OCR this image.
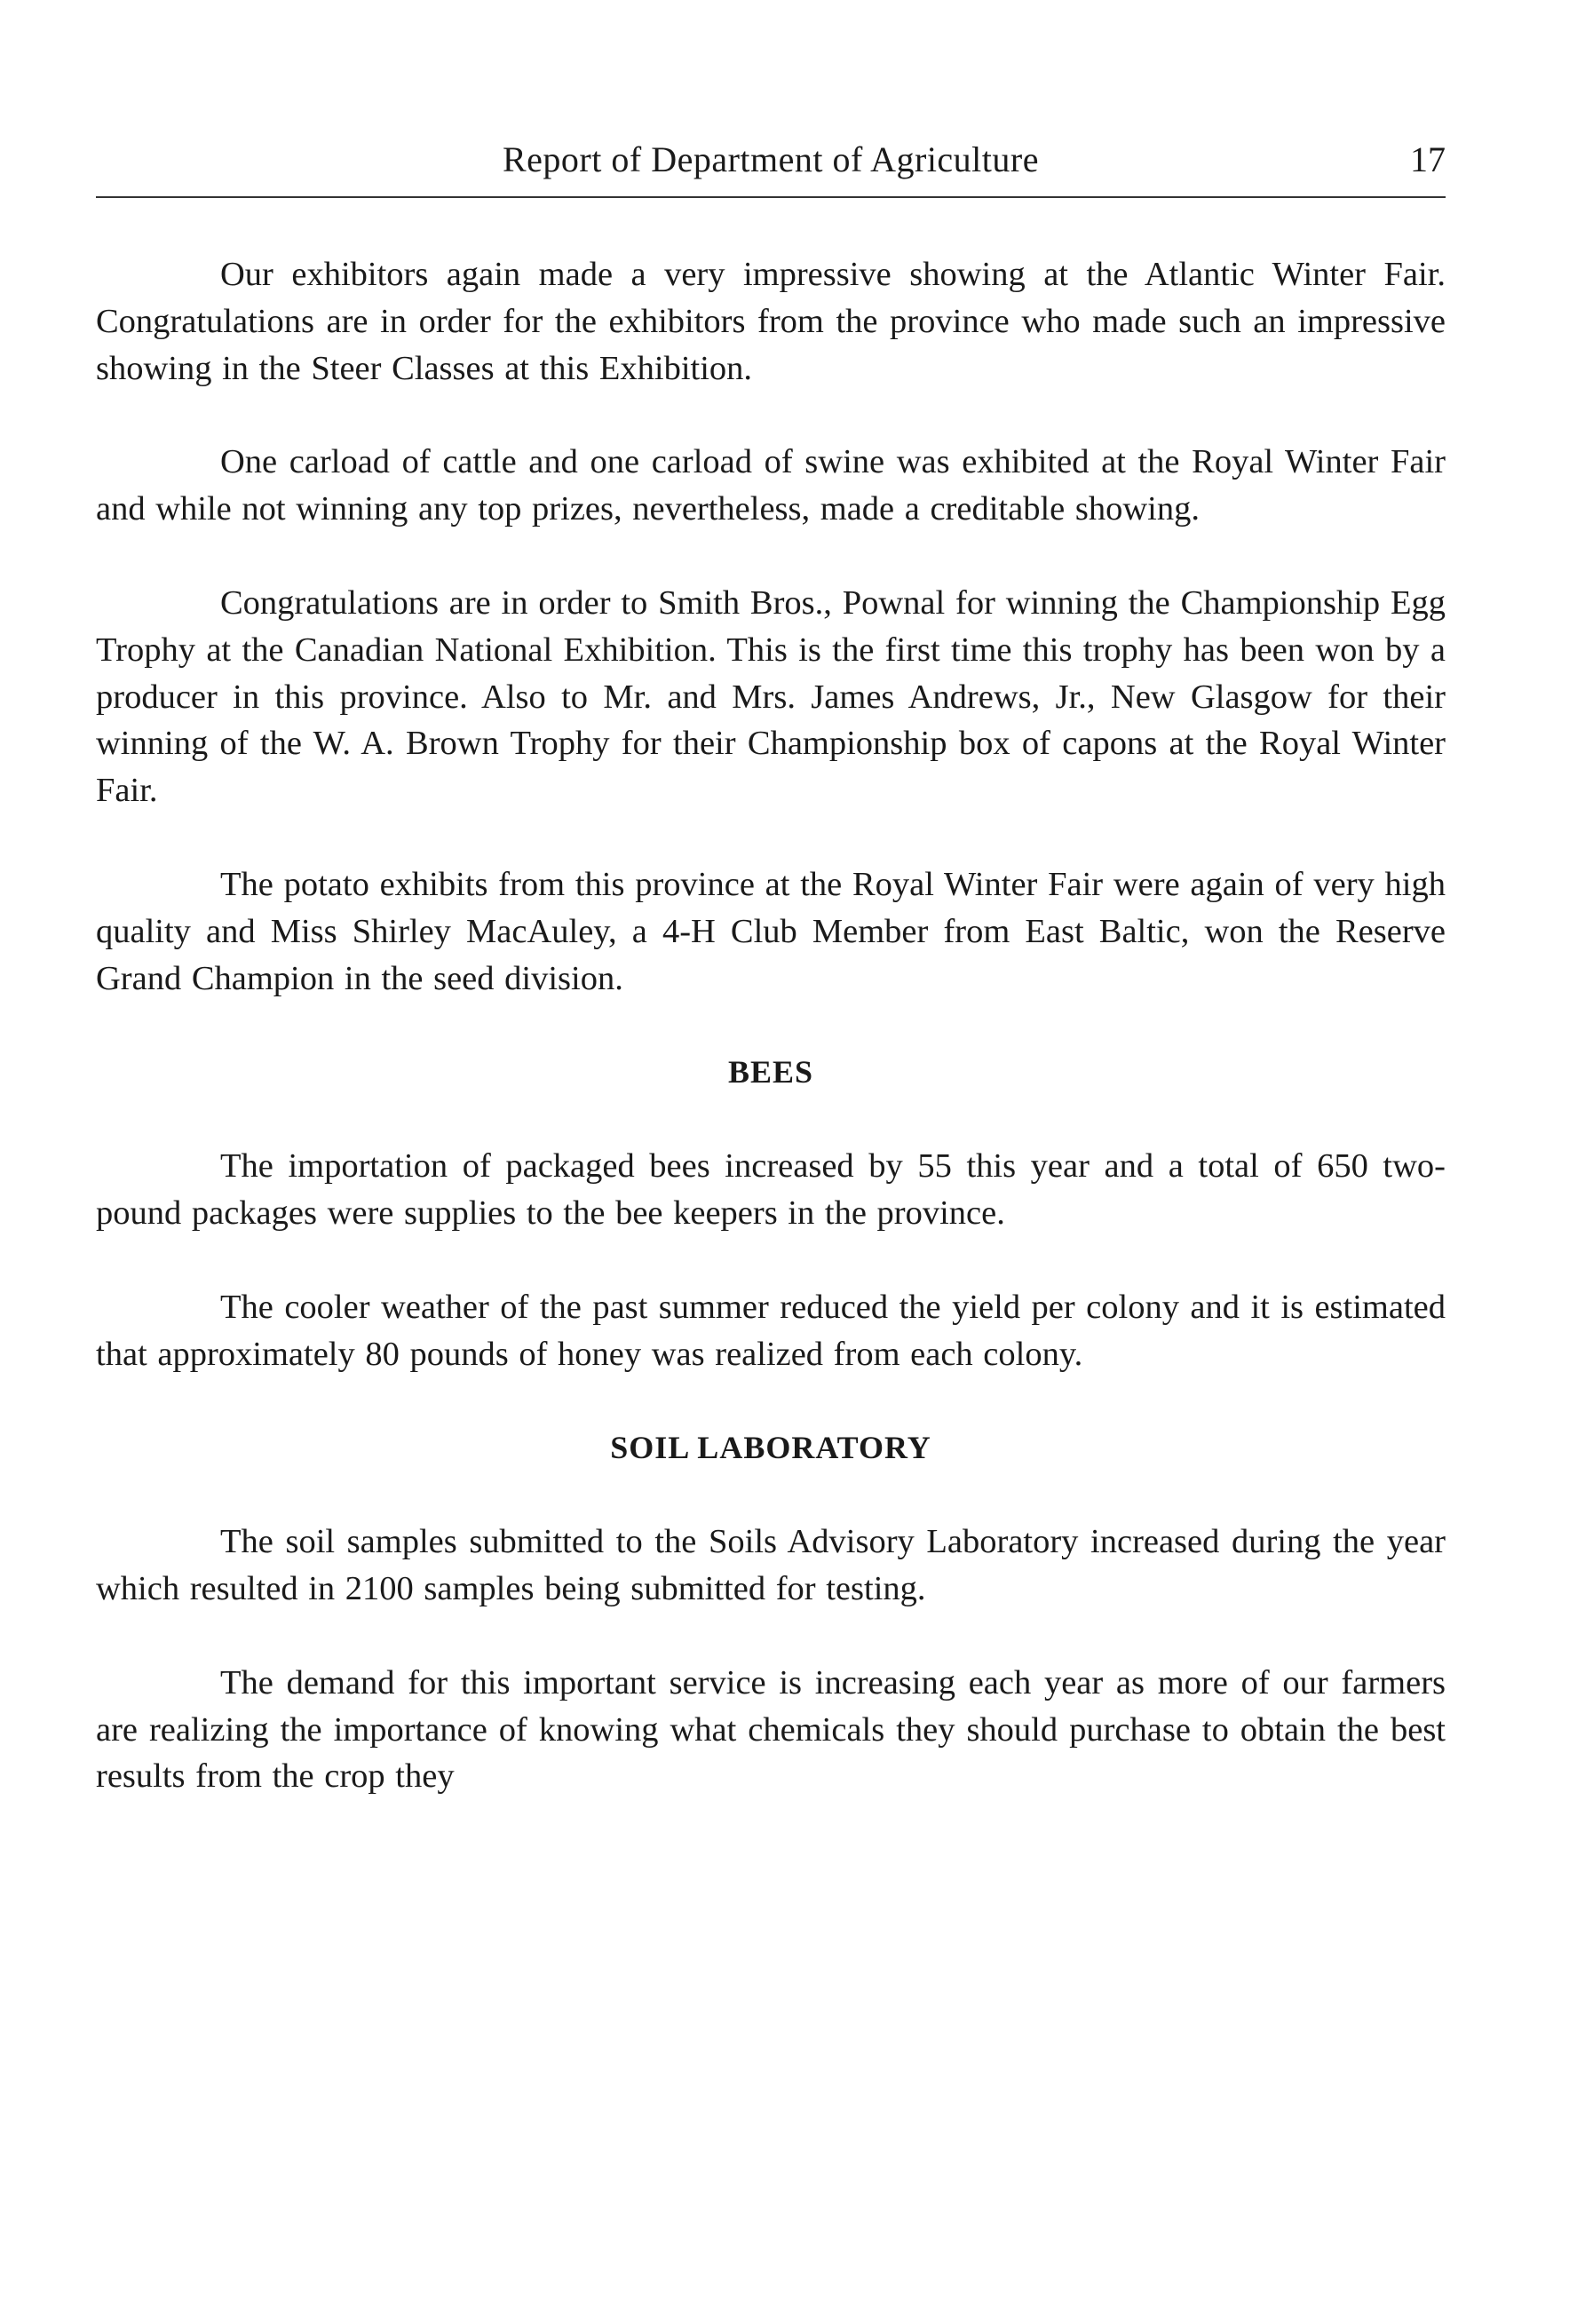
Report of Department of Agriculture	17

Our exhibitors again made a very impressive showing at the Atlantic Winter Fair. Congratulations are in order for the exhibitors from the province who made such an impressive showing in the Steer Classes at this Exhibition.

One carload of cattle and one carload of swine was exhibited at the Royal Winter Fair and while not winning any top prizes, nevertheless, made a creditable showing.

Congratulations are in order to Smith Bros., Pownal for winning the Championship Egg Trophy at the Canadian National Exhibition. This is the first time this trophy has been won by a producer in this province. Also to Mr. and Mrs. James Andrews, Jr., New Glasgow for their winning of the W. A. Brown Trophy for their Championship box of capons at the Royal Winter Fair.

The potato exhibits from this province at the Royal Winter Fair were again of very high quality and Miss Shirley MacAuley, a 4-H Club Member from East Baltic, won the Reserve Grand Champion in the seed division.

BEES

The importation of packaged bees increased by 55 this year and a total of 650 two-pound packages were supplies to the bee keepers in the province.

The cooler weather of the past summer reduced the yield per colony and it is estimated that approximately 80 pounds of honey was realized from each colony.

SOIL LABORATORY

The soil samples submitted to the Soils Advisory Laboratory increased during the year which resulted in 2100 samples being submitted for testing.

The demand for this important service is increasing each year as more of our farmers are realizing the importance of knowing what chemicals they should purchase to obtain the best results from the crop they
